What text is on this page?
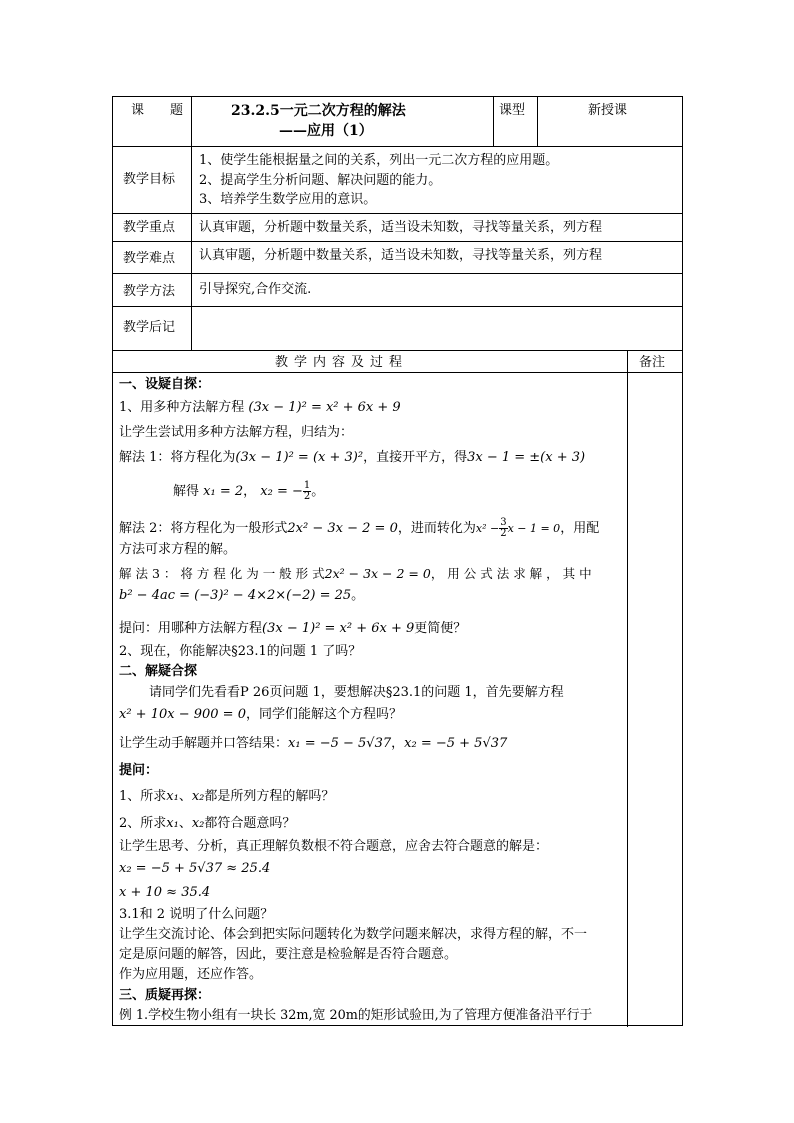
课　　题	23.2.5一元二次方程的解法
——应用（1）
课型	新授课
教学目标
1、使学生能根据量之间的关系，列出一元二次方程的应用题。
2、提高学生分析问题、解决问题的能力。
3、培养学生数学应用的意识。
教学重点 认真审题，分析题中数量关系，适当设未知数，寻找等量关系，列方程
教学难点 认真审题，分析题中数量关系，适当设未知数，寻找等量关系，列方程
教学方法 引导探究,合作交流.
教学后记
教学内容及过程	备注
一、设疑自探：
1、用多种方法解方程 (3x − 1)² = x² + 6x + 9
让学生尝试用多种方法解方程，归结为：
解法 1：将方程化为(3x − 1)² = (x + 3)²，直接开平方，得3x − 1 = ±(x + 3)
解得 x₁ = 2， x₂ = − $\frac{1}{2}$ 。
解法 2：将方程化为一般形式2x² − 3x − 2 = 0，进而转化为$x^2 - \frac{3}{2}$ x − 1 = 0，用配
方法可求方程的解。
解 法 3 ： 将 方 程 化 为 一 般 形 式2x² − 3x − 2 = 0， 用 公 式 法 求 解 ， 其 中
b² − 4ac = (−3)² − 4×2×(−2) = 25。
提问：用哪种方法解方程(3x − 1)² = x² + 6x + 9更简便？
2、现在，你能解决§23.1的问题 1 了吗？
二、解疑合探
请同学们先看看P 26页问题 1，要想解决§23.1的问题 1，首先要解方程
x² + 10x − 900 = 0，同学们能解这个方程吗？
让学生动手解题并口答结果：x₁ = −5 − 5√37，x₂ = −5 + 5√37
提问：
1、所求x₁、x₂都是所列方程的解吗？
2、所求x₁、x₂都符合题意吗？
让学生思考、分析，真正理解负数根不符合题意，应舍去符合题意的解是：
x₂ = −5 + 5√37 ≈ 25.4
x + 10 ≈ 35.4
3.1和 2 说明了什么问题？
让学生交流讨论、体会到把实际问题转化为数学问题来解决，求得方程的解，不一
定是原问题的解答，因此，要注意是检验解是否符合题意。
作为应用题，还应作答。
三、质疑再探：
例 1.学校生物小组有一块长 32m,宽 20m的矩形试验田,为了管理方便准备沿平行于
